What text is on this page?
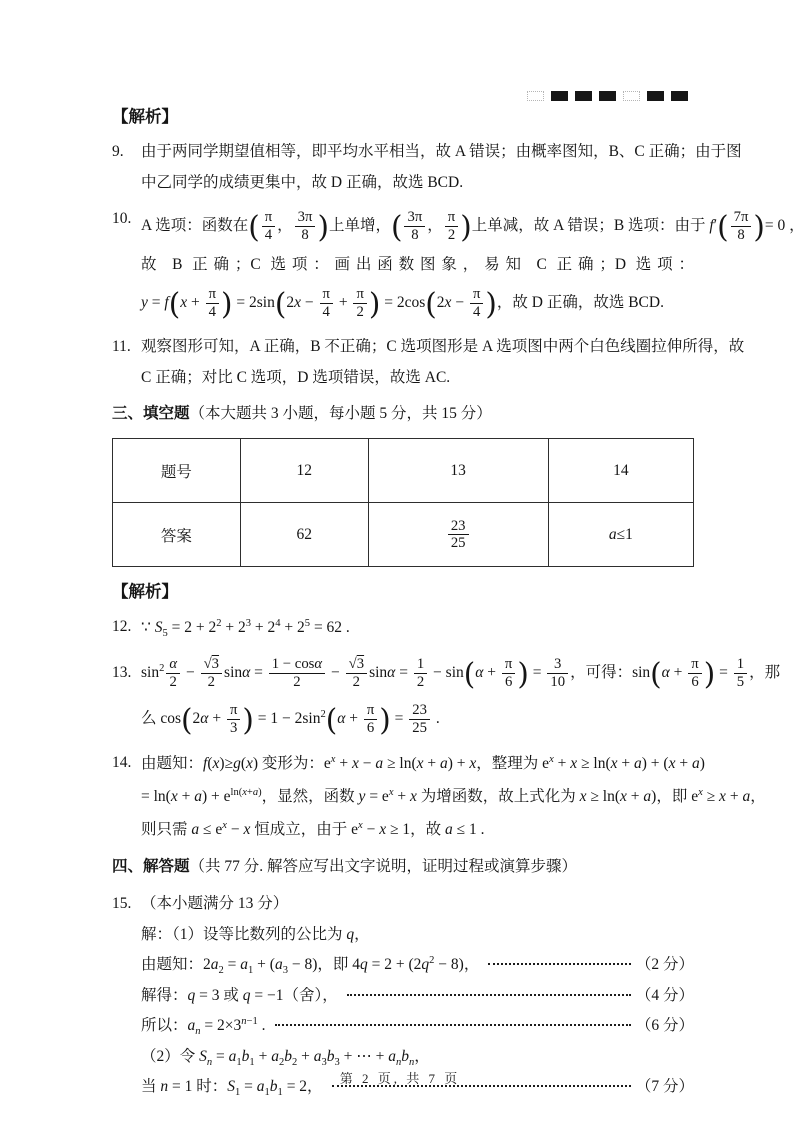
【解析】
9. 由于两同学期望值相等，即平均水平相当，故 A 错误；由概率图知，B、C 正确；由于图
中乙同学的成绩更集中，故 D 正确，故选 BCD.
10. A 选项：函数在( $\frac{\pi}{4}$ ， $\frac{3\pi}{8}$ )上单增，( $\frac{3\pi}{8}$ ， $\frac{\pi}{2}$ )上单减，故 A 错误；B 选项：由于 $f'( \frac{7\pi}{8}$ )= 0 ，
故 B 正确；C 选项：画出函数图象，易知 C 正确；D 选项：
$y = f(x + \frac{\pi}{4}$ ) = $2\sin(2x - \frac{\pi}{4} + \frac{\pi}{2}$ ) = $2\cos(2x - \frac{\pi}{4}$ )，故 D 正确，故选 BCD.
11. 观察图形可知，A 正确，B 不正确；C 选项图形是 A 选项图中两个白色线圈拉伸所得，故
C 正确；对比 C 选项，D 选项错误，故选 AC.
三、填空题（本大题共 3 小题，每小题 5 分，共 15 分）
题号	12	13	14
答案	62	$\frac{23}{25}$	a≤1
【解析】
12. ∵ $S_5 = 2 + 2^2 + 2^3 + 2^4 + 2^5 = 62$ .
13. $\sin^2 \frac{\alpha}{2} - \frac{√3}{2}$ $\sin\alpha = \frac{1 - \cos\alpha}{2} - \frac{√3}{2}$ $\sin\alpha = \frac{1}{2} - \sin(\alpha + \frac{\pi}{6}$ ) = $\frac{3}{10}$ ，可得：$\sin(\alpha + \frac{\pi}{6}$ ) = $\frac{1}{5}$ ，那
么 $\cos(2\alpha + \frac{\pi}{3}$ ) = $1 - 2\sin^2(\alpha + \frac{\pi}{6}$ ) = $\frac{23}{25}$ .
14. 由题知：f(x)≥g(x) 变形为：$e^x + x - a \ge \ln(x + a) + x$，整理为 $e^x + x \ge \ln(x + a) + (x + a)$
= $\ln(x + a) + e^{ln(x+a)}$，显然，函数 $y = e^x + x$ 为增函数，故上式化为 x ≥ ln(x + a)，即 $e^x \ge x + a$，
则只需 $a \le e^x - x$ 恒成立，由于 $e^x - x \ge 1$，故 a ≤ 1 .
四、解答题（共 77 分. 解答应写出文字说明，证明过程或演算步骤）
15. （本小题满分 13 分）
解：（1）设等比数列的公比为 q，
由题知：$2a_2 = a_1 + (a_3 - 8)$，即 $4q = 2 + (2q^2 - 8)$，	（2 分）
解得：q = 3 或 q = −1（舍），	（4 分）
所以：$a_n = 2\times 3^{n-1}$ .	（6 分）
（2）令 $S_n = a_1b_1 + a_2b_2 + a_3b_3$ + ⋯ + $a_nb_n$，
当 n = 1 时：$S_1 = a_1b_1 = 2$，	（7 分）
第 2 页, 共 7 页
